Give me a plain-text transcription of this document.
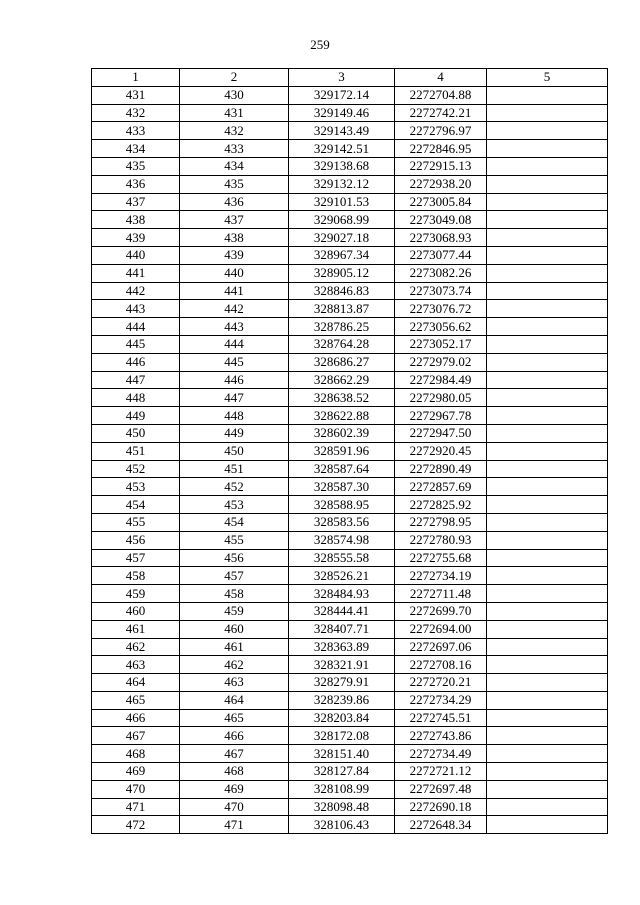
259
1	2	3	4	5
431	430	329172.14	2272704.88	
432	431	329149.46	2272742.21	
433	432	329143.49	2272796.97	
434	433	329142.51	2272846.95	
435	434	329138.68	2272915.13	
436	435	329132.12	2272938.20	
437	436	329101.53	2273005.84	
438	437	329068.99	2273049.08	
439	438	329027.18	2273068.93	
440	439	328967.34	2273077.44	
441	440	328905.12	2273082.26	
442	441	328846.83	2273073.74	
443	442	328813.87	2273076.72	
444	443	328786.25	2273056.62	
445	444	328764.28	2273052.17	
446	445	328686.27	2272979.02	
447	446	328662.29	2272984.49	
448	447	328638.52	2272980.05	
449	448	328622.88	2272967.78	
450	449	328602.39	2272947.50	
451	450	328591.96	2272920.45	
452	451	328587.64	2272890.49	
453	452	328587.30	2272857.69	
454	453	328588.95	2272825.92	
455	454	328583.56	2272798.95	
456	455	328574.98	2272780.93	
457	456	328555.58	2272755.68	
458	457	328526.21	2272734.19	
459	458	328484.93	2272711.48	
460	459	328444.41	2272699.70	
461	460	328407.71	2272694.00	
462	461	328363.89	2272697.06	
463	462	328321.91	2272708.16	
464	463	328279.91	2272720.21	
465	464	328239.86	2272734.29	
466	465	328203.84	2272745.51	
467	466	328172.08	2272743.86	
468	467	328151.40	2272734.49	
469	468	328127.84	2272721.12	
470	469	328108.99	2272697.48	
471	470	328098.48	2272690.18	
472	471	328106.43	2272648.34	
